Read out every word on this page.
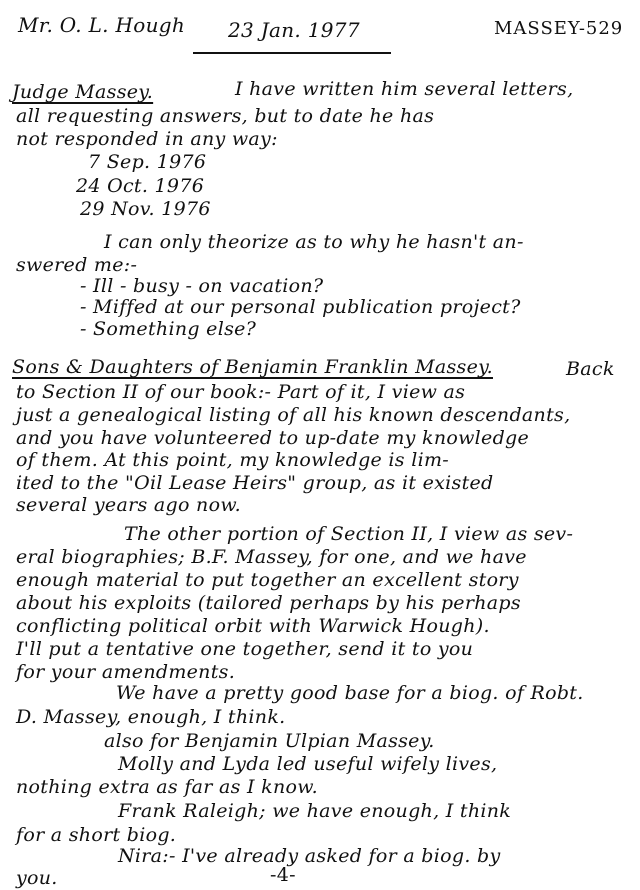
Mr. O. L. Hough 23 Jan. 1977	MASSEY-529
Judge Massey.	I have written him several letters,
all requesting answers, but to date he has
not responded in any way:
7 Sep. 1976
24 Oct. 1976
29 Nov. 1976
I can only theorize as to why he hasn't an-
swered me:-
- Ill - busy - on vacation?
- Miffed at our personal publication project?
- Something else?
Sons & Daughters of Benjamin Franklin Massey.	Back
to Section II of our book:- Part of it, I view as
just a genealogical listing of all his known descendants,
and you have volunteered to up-date my knowledge
of them. At this point, my knowledge is lim-
ited to the "Oil Lease Heirs" group, as it existed
several years ago now.
The other portion of Section II, I view as sev-
eral biographies; B.F. Massey, for one, and we have
enough material to put together an excellent story
about his exploits (tailored perhaps by his perhaps
conflicting political orbit with Warwick Hough).
I'll put a tentative one together, send it to you
for your amendments.
We have a pretty good base for a biog. of Robt.
D. Massey, enough, I think.
also for Benjamin Ulpian Massey.
Molly and Lyda led useful wifely lives,
nothing extra as far as I know.
Frank Raleigh; we have enough, I think
for a short biog.
Nira:- I've already asked for a biog. by
you.	-4-
